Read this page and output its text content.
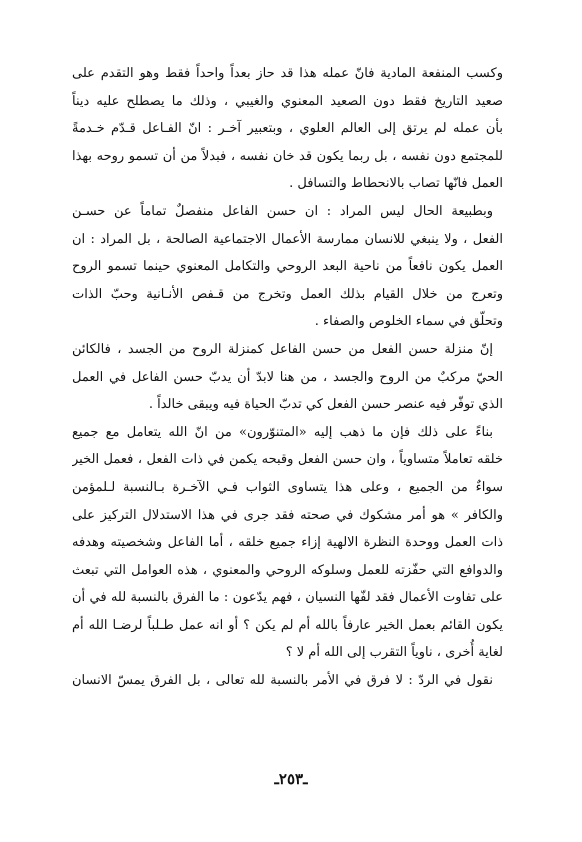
وكسب المنفعة المادية فانّ عمله هذا قد حاز بعداً واحداً فقط وهو التقدم على
صعيد التاريخ فقط دون الصعيد المعنوي والغيبي ، وذلك ما يصطلح عليه ديناً
بأن عمله لم يرتق إلى العالم العلوي ، وبتعبير آخـر : انّ الفـاعل قـدّم خـدمةً
للمجتمع دون نفسه ، بل ربما يكون قد خان نفسه ، فبدلاً من أن تسمو روحه بهذا
العمل فانّها تصاب بالانحطاط والتسافل .
وبطبيعة الحال ليس المراد : ان حسن الفاعل منفصلٌ تماماً عن حسـن
الفعل ، ولا ينبغي للانسان ممارسة الأعمال الاجتماعية الصالحة ، بل المراد : ان
العمل يكون نافعاً من ناحية البعد الروحي والتكامل المعنوي حينما تسمو الروح
وتعرج من خلال القيام بذلك العمل وتخرج من قـفص الأنـانية وحبّ الذات
وتحلّق في سماء الخلوص والصفاء .
إنّ منزلة حسن الفعل من حسن الفاعل كمنزلة الروح من الجسد ، فالكائن
الحيّ مركبٌ من الروح والجسد ، من هنا لابدّ أن يدبّ حسن الفاعل في العمل
الذي توفّر فيه عنصر حسن الفعل كي تدبّ الحياة فيه ويبقى خالداً .
بناءً على ذلك فإن ما ذهب إليه «المتنوّرون» من انّ الله يتعامل مع جميع
خلقه تعاملاً متساوياً ، وان حسن الفعل وقبحه يكمن في ذات الفعل ، فعمل الخير
سواءٌ من الجميع ، وعلى هذا يتساوى الثواب فـي الآخـرة بـالنسبة لـلمؤمن
والكافر » هو أمر مشكوك في صحته فقد جرى في هذا الاستدلال التركيز على
ذات العمل ووحدة النظرة الالهية إزاء جميع خلقه ، أما الفاعل وشخصيته وهدفه
والدوافع التي حفّزته للعمل وسلوكه الروحي والمعنوي ، هذه العوامل التي تبعث
على تفاوت الأعمال فقد لفّها النسيان ، فهم يدّعون : ما الفرق بالنسبة لله في أن
يكون القائم بعمل الخير عارفاً بالله أم لم يكن ؟ أو انه عمل طـلباً لرضـا الله أم
لغاية أُخرى ، ناوياً التقرب إلى الله أم لا ؟
نقول في الردّ : لا فرق في الأمر بالنسبة لله تعالى ، بل الفرق يمسّ الانسان
ـ٢٥٣ـ
